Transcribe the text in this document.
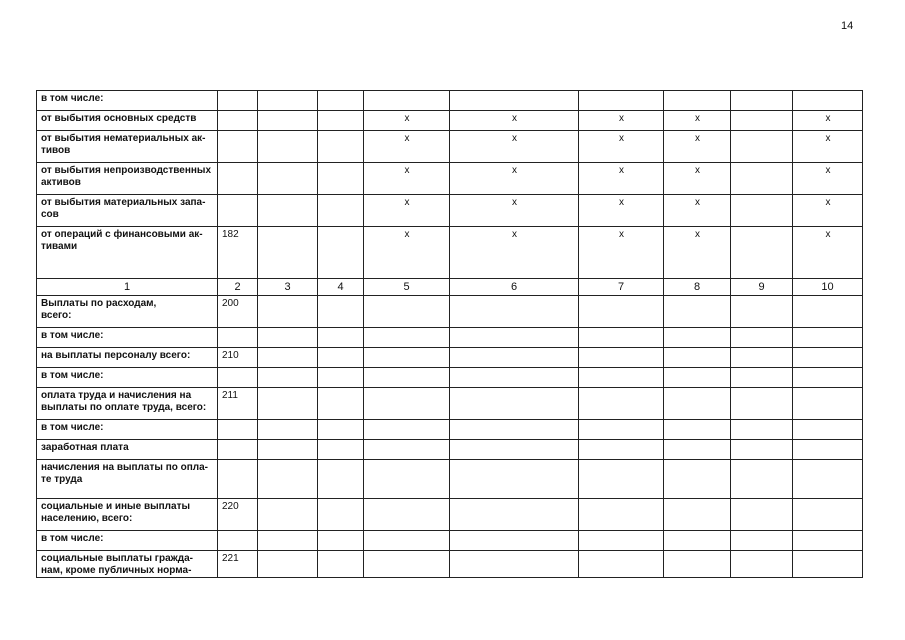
14
в том числе:									
от выбытия основных средств				х	х	х	х		х
от выбытия нематериальных ак-
тивов				х	х	х	х		х
от выбытия непроизводственных
активов				х	х	х	х		х
от выбытия материальных запа-
сов				х	х	х	х		х
от операций с финансовыми ак-
тивами	182			х	х	х	х		х
1	2	3	4	5	6	7	8	9	10
Выплаты по расходам,
всего:	200								
в том числе:									
на выплаты персоналу всего:	210								
в том числе:									
оплата труда и начисления на
выплаты по оплате труда, всего:	211								
в том числе:									
заработная плата									
начисления на выплаты по опла-
те труда									
социальные и иные выплаты
населению, всего:	220								
в том числе:									
социальные выплаты гражда-
нам, кроме публичных норма-	221								
